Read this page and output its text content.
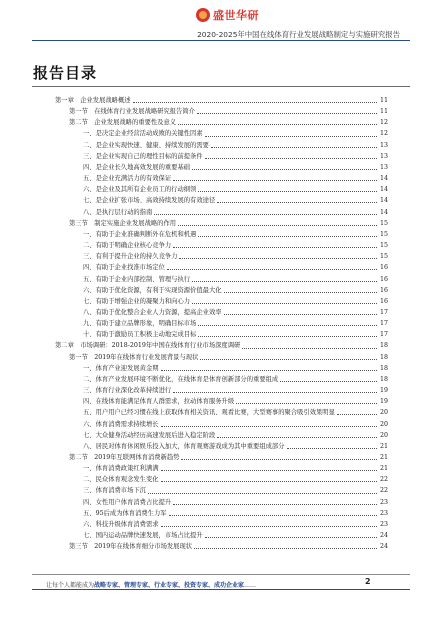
盛世华研
2020-2025年中国在线体育行业发展战略制定与实施研究报告
报告目录
第一章　企业发展战略概述	11
第一节　在线体育行业发展战略研究报告简介	11
第二节　企业发展战略的重要性及意义	12
一、是决定企业经营活动成败的关键性因素	12
二、是企业实现快速、健康、持续发展的需要	13
三、是企业实现自己的理性目标的前提条件	13
四、是企业长久地高效发展的重要基础	13
五、是企业充满活力的有效保证	14
六、是企业及其所有企业员工的行动纲领	14
七、是企业扩张市场、高效持续发展的有效途径	14
八、是执行层行动的指南	14
第三节　制定实施企业发展战略的作用	15
一、有助于企业准确判断外在危机和机遇	15
二、有助于明确企业核心竞争力	15
三、有利于提升企业的持久竞争力	15
四、有助于企业找准市场定位	16
五、有助于企业内部控制、管理与执行	16
六、有助于优化资源，有利于实现资源价值最大化	16
七、有助于增强企业的凝聚力和向心力	16
八、有助于优化整合企业人力资源，提高企业效率	17
九、有助于建立品牌形象，明确目标市场	17
十、有助于激励员工积极主动地完成目标	17
第二章　市场调研：2018-2019年中国在线体育行业市场深度调研	18
第一节　2019年在线体育行业发展背景与现状	18
一、体育产业迎发展黄金期	18
二、体育产业发展环境不断优化，在线体育是体育创新部分的重要组成	18
三、体育行业深化改革持续进行	19
四、在线体育能满足体育人群需求，拉动体育服务升级	19
五、用户用户已经习惯在线上获取体育相关资讯、观看比赛，大型赛事的聚合吸引效果明显	20
六、体育消费需求持续增长	20
七、大众健身活动经历高速发展后进入稳定阶段	20
八、居民对体育休闲娱乐投入加大，体育观赛游戏成为其中重要组成部分	21
第二节　2019年互联网体育消费新趋势	21
一、体育消费政策红利满满	21
二、民众体育观念发生变化	22
三、体育消费市场下沉	22
四、女性用户体育消费占比提升	23
五、95后成为体育消费生力军	23
六、科技升级体育消费需求	23
七、国内运动品牌快速发展，市场占比提升	24
第三节　2019年在线体育细分市场发展现状	24
让每个人都能成为战略专家、管理专家、行业专家、投资专家、成功企业家……	2
